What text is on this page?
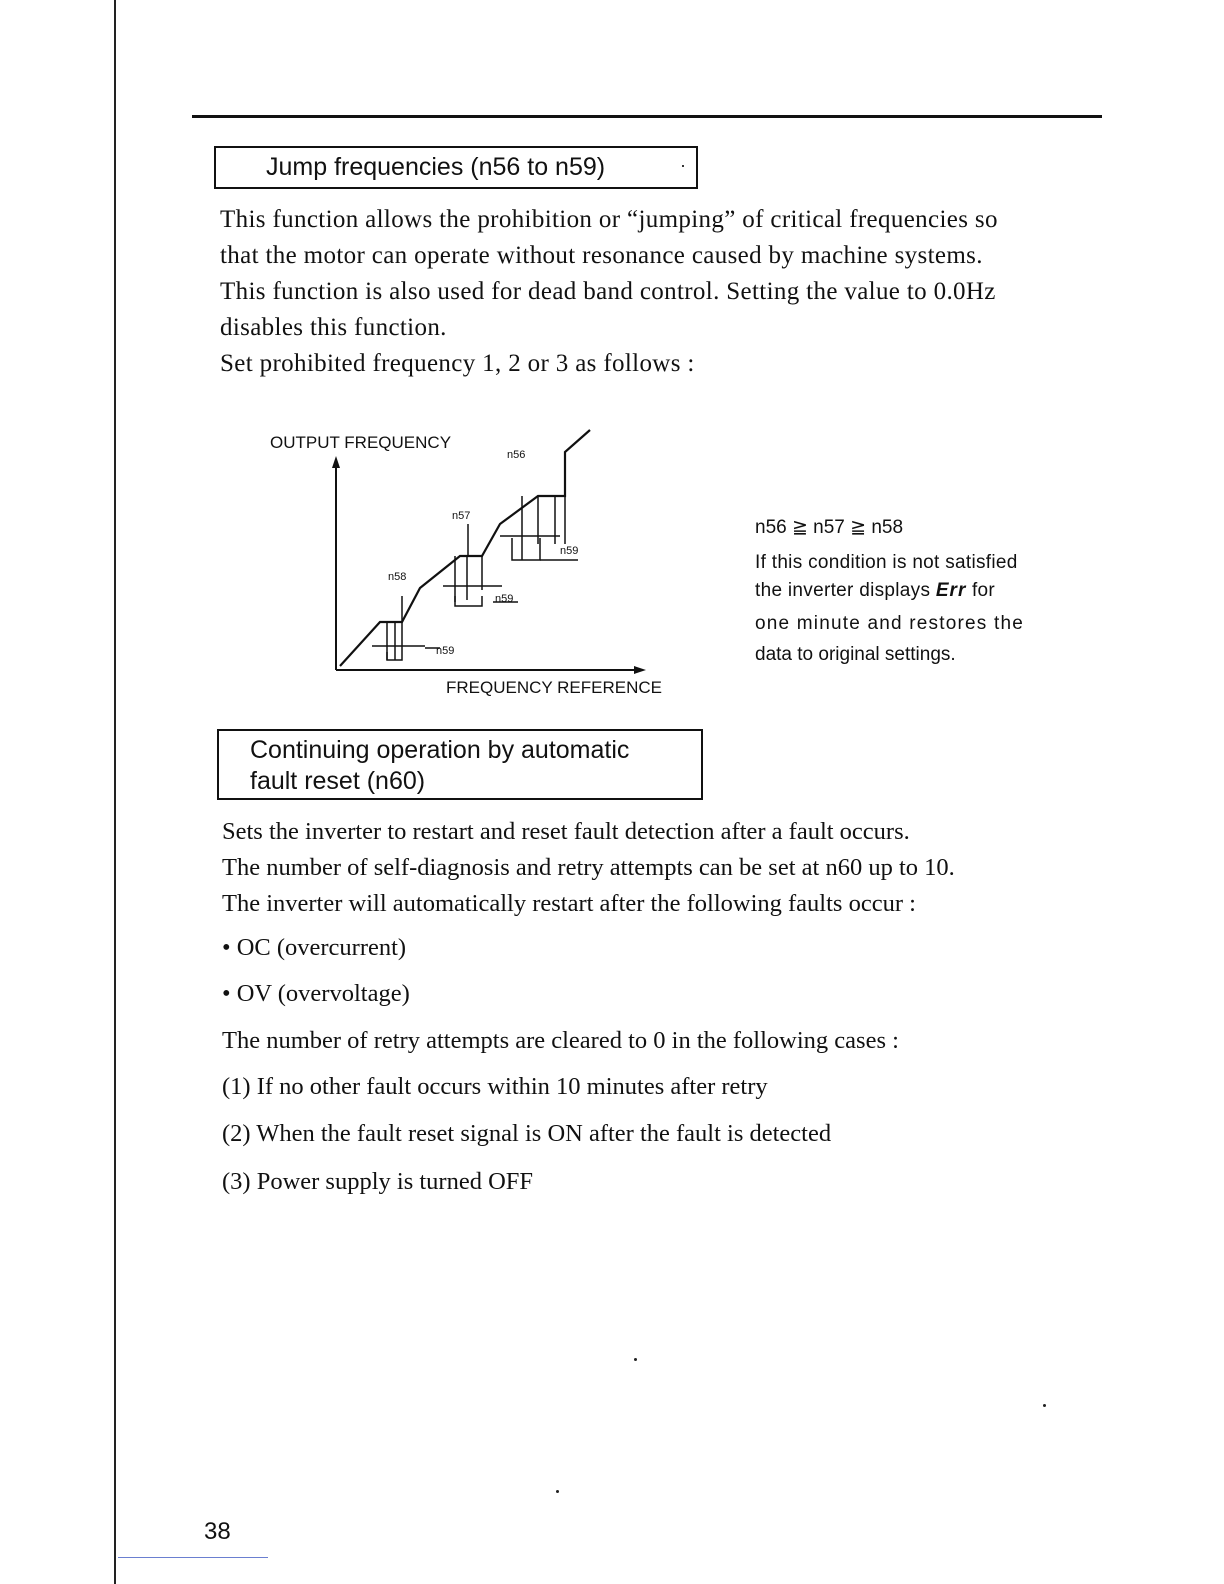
Jump frequencies (n56 to n59)	·
This function allows the prohibition or “jumping” of critical frequencies so
that the motor can operate without resonance caused by machine systems.
This function is also used for dead band control. Setting the value to 0.0Hz
disables this function.
Set prohibited frequency 1, 2 or 3 as follows :
OUTPUT FREQUENCY
FREQUENCY REFERENCE
n56
n57
n58
n59
n59
n59
n56 ≧ n57 ≧ n58
If this condition is not satisfied
the inverter displays Err for
one minute and restores the
data to original settings.
Continuing operation by automatic
fault reset (n60)
Sets the inverter to restart and reset fault detection after a fault occurs.
The number of self-diagnosis and retry attempts can be set at n60 up to 10.
The inverter will automatically restart after the following faults occur :
• OC (overcurrent)
• OV (overvoltage)
The number of retry attempts are cleared to 0 in the following cases :
(1) If no other fault occurs within 10 minutes after retry
(2) When the fault reset signal is ON after the fault is detected
(3) Power supply is turned OFF
38
